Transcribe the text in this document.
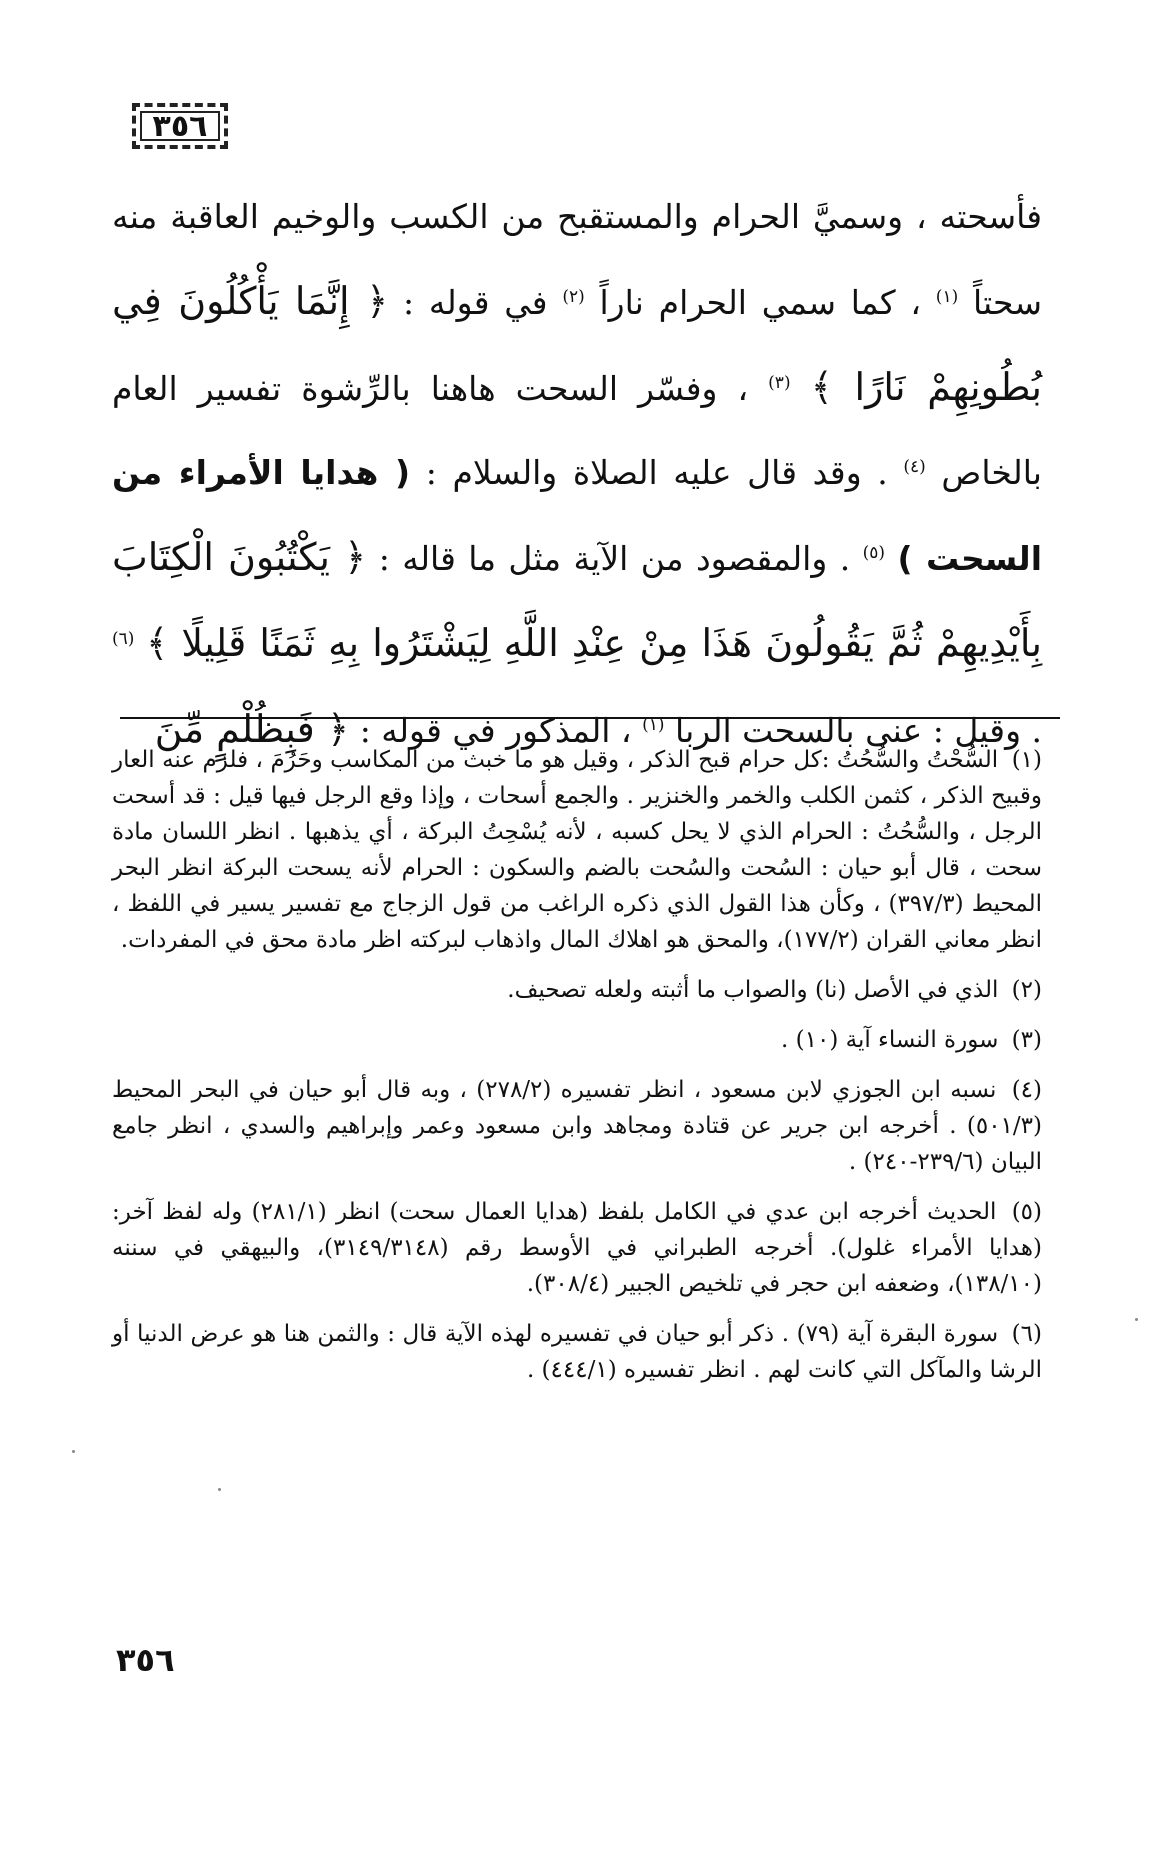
٣٥٦
فأسحته ، وسميَّ الحرام والمستقبح من الكسب والوخيم العاقبة منه سحتاً $^{(١)}$ ، كما سمي الحرام ناراً $^{(٢)}$ في قوله : ﴿ إِنَّمَا يَأْكُلُونَ فِي بُطُونِهِمْ نَارًا ﴾ $^{(٣)}$ ، وفسّر السحت هاهنا بالرِّشوة تفسير العام بالخاص $^{(٤)}$ . وقد قال عليه الصلاة والسلام : ( هدايا الأمراء من السحت ) $^{(٥)}$ . والمقصود من الآية مثل ما قاله : ﴿ يَكْتُبُونَ الْكِتَابَ بِأَيْدِيهِمْ ثُمَّ يَقُولُونَ هَذَا مِنْ عِنْدِ اللَّهِ لِيَشْتَرُوا بِهِ ثَمَنًا قَلِيلًا ﴾ $^{(٦)}$ . وقيل : عنى بالسحت الربا $^{(١)}$ ، المذكور في قوله : ﴿ فَبِظُلْمٍ مِّنَ
(١) السُّحْتُ والسُّحُتُ :كل حرام قبح الذكر ، وقيل هو ما خبث من المكاسب وحَرُمَ ، فلزم عنه العار وقبيح الذكر ، كثمن الكلب والخمر والخنزير . والجمع أسحات ، وإذا وقع الرجل فيها قيل : قد أسحت الرجل ، والسُّحُتُ : الحرام الذي لا يحل كسبه ، لأنه يُسْحِتُ البركة ، أي يذهبها . انظر اللسان مادة سحت ، قال أبو حيان : السُحت والسُحت بالضم والسكون : الحرام لأنه يسحت البركة انظر البحر المحيط (٣٩٧/٣) ، وكأن هذا القول الذي ذكره الراغب من قول الزجاج مع تفسير يسير في اللفظ ، انظر معاني القران (١٧٧/٢)، والمحق هو اهلاك المال واذهاب لبركته اظر مادة محق في المفردات.
(٢) الذي في الأصل (نا) والصواب ما أثبته ولعله تصحيف.
(٣) سورة النساء آية (١٠) .
(٤) نسبه ابن الجوزي لابن مسعود ، انظر تفسيره (٢٧٨/٢) ، وبه قال أبو حيان في البحر المحيط (٥٠١/٣) . أخرجه ابن جرير عن قتادة ومجاهد وابن مسعود وعمر وإبراهيم والسدي ، انظر جامع البيان (٢٣٩/٦-٢٤٠) .
(٥) الحديث أخرجه ابن عدي في الكامل بلفظ (هدايا العمال سحت) انظر (٢٨١/١) وله لفظ آخر:(هدايا الأمراء غلول). أخرجه الطبراني في الأوسط رقم (٣١٤٩/٣١٤٨)، والبيهقي في سننه (١٣٨/١٠)، وضعفه ابن حجر في تلخيص الجبير (٣٠٨/٤).
(٦) سورة البقرة آية (٧٩) . ذكر أبو حيان في تفسيره لهذه الآية قال : والثمن هنا هو عرض الدنيا أو الرشا والمآكل التي كانت لهم . انظر تفسيره (٤٤٤/١) .
٣٥٦
